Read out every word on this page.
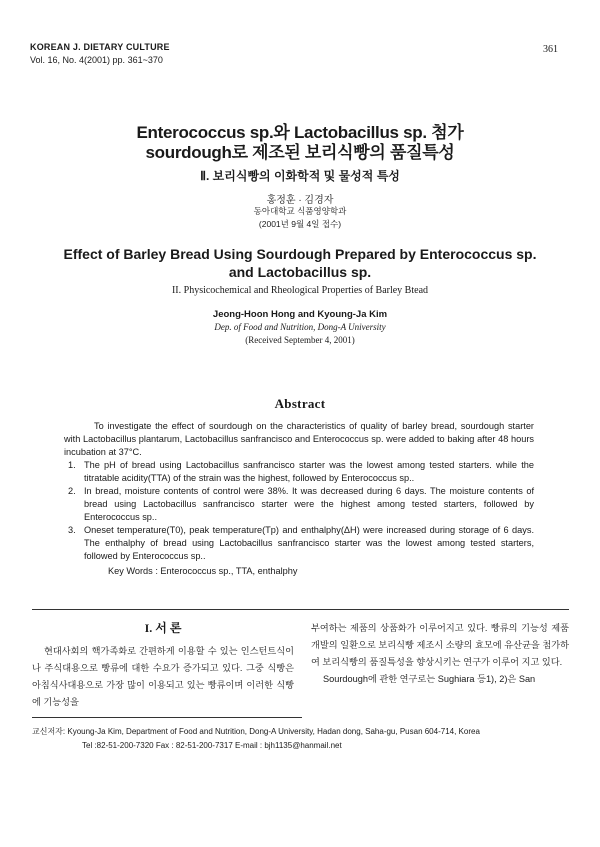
KOREAN J. DIETARY CULTURE
Vol. 16, No. 4(2001) pp. 361~370
361
Enterococcus sp.와 Lactobacillus sp. 첨가
sourdough로 제조된 보리식빵의 품질특성
Ⅱ. 보리식빵의 이화학적 및 물성적 특성
홍정훈 · 김경자
동아대학교 식품영양학과
(2001년 9월 4일 접수)
Effect of Barley Bread Using Sourdough Prepared by Enterococcus sp.
and Lactobacillus sp.
II. Physicochemical and Rheological Properties of Barley Btead
Jeong-Hoon Hong and Kyoung-Ja Kim
Dep. of Food and Nutrition, Dong-A University
(Received September 4, 2001)
Abstract

To investigate the effect of sourdough on the characteristics of quality of barley bread, sourdough starter with Lactobacillus plantarum, Lactobacillus sanfrancisco and Enterococcus sp. were added to baking after 48 hours incubation at 37°C.

1. The pH of bread using Lactobacillus sanfrancisco starter was the lowest among tested starters. while the titratable acidity(TTA) of the strain was the highest, followed by Enterococcus sp..
2. In bread, moisture contents of control were 38%. It was decreased during 6 days. The moisture contents of bread using Lactobacillus sanfrancisco starter were the highest among tested starters, followed by Enterococcus sp..
3. Oneset temperature(T0), peak temperature(Tp) and enthalphy(ΔH) were increased during storage of 6 days. The enthalphy of bread using Lactobacillus sanfrancisco starter was the lowest among tested starters, followed by Enterococcus sp..
Key Words : Enterococcus sp., TTA, enthalphy
I. 서 론

현대사회의 핵가족화로 간편하게 이용할 수 있는 인스턴트식이나 주식대용으로 빵류에 대한 수요가 증가되고 있다. 그중 식빵은 아침식사대용으로 가장 많이 이용되고 있는 빵류이며 이러한 식빵에 기능성을

부여하는 제품의 상품화가 이루어지고 있다. 빵류의 기능성 제품 개발의 일환으로 보리식빵 제조시 소량의 효모에 유산균을 첨가하여 보리식빵의 품질특성을 향상시키는 연구가 이루어 지고 있다.

Sourdough에 관한 연구로는 Sughiara 등1), 2)은 San

교신저자: Kyoung-Ja Kim, Department of Food and Nutrition, Dong-A University, Hadan dong, Saha-gu, Pusan 604-714, Korea
Tel :82-51-200-7320 Fax : 82-51-200-7317 E-mail : bjh1135@hanmail.net
